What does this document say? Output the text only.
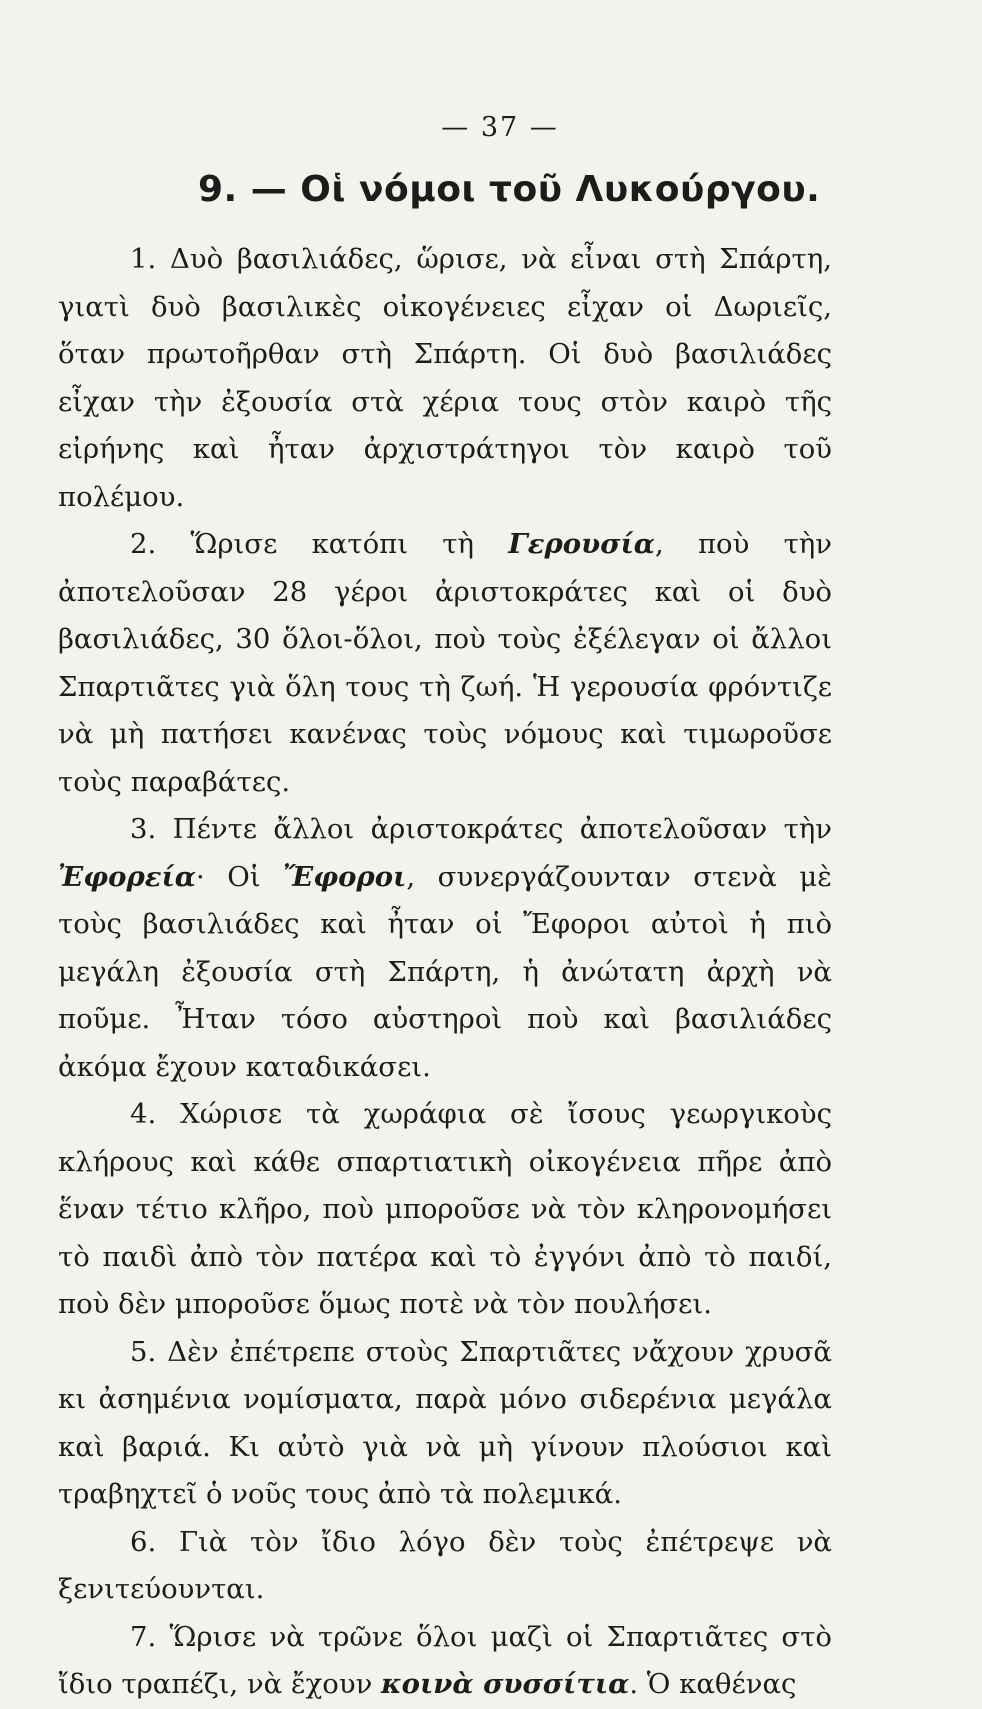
— 37 —
9. — Οἱ νόμοι τοῦ Λυκούργου.

1. Δυὸ βασιλιάδες, ὥρισε, νὰ εἶναι στὴ Σπάρτη, γιατὶ δυὸ βασιλικὲς οἰκογένειες εἶχαν οἱ Δωριεῖς, ὅταν πρωτοῆρθαν στὴ Σπάρτη. Οἱ δυὸ βασιλιάδες εἶχαν τὴν ἐξουσία στὰ χέρια τους στὸν καιρὸ τῆς εἰρήνης καὶ ἦταν ἀρχιστράτηγοι τὸν καιρὸ τοῦ πολέμου.

2. Ὥρισε κατόπι τὴ Γερουσία, ποὺ τὴν ἀποτελοῦσαν 28 γέροι ἀριστοκράτες καὶ οἱ δυὸ βασιλιάδες, 30 ὅλοι-ὅλοι, ποὺ τοὺς ἐξέλεγαν οἱ ἄλλοι Σπαρτιᾶτες γιὰ ὅλη τους τὴ ζωή. Ἡ γερουσία φρόντιζε νὰ μὴ πατήσει κανένας τοὺς νόμους καὶ τιμωροῦσε τοὺς παραβάτες.

3. Πέντε ἄλλοι ἀριστοκράτες ἀποτελοῦσαν τὴν Ἐφορεία· Οἱ Ἔφοροι, συνεργάζουνταν στενὰ μὲ τοὺς βασιλιάδες καὶ ἦταν οἱ Ἔφοροι αὐτοὶ ἡ πιὸ μεγάλη ἐξουσία στὴ Σπάρτη, ἡ ἀνώτατη ἀρχὴ νὰ ποῦμε. Ἦταν τόσο αὐστηροὶ ποὺ καὶ βασιλιάδες ἀκόμα ἔχουν καταδικάσει.

4. Χώρισε τὰ χωράφια σὲ ἴσους γεωργικοὺς κλήρους καὶ κάθε σπαρτιατικὴ οἰκογένεια πῆρε ἀπὸ ἕναν τέτιο κλῆρο, ποὺ μποροῦσε νὰ τὸν κληρονομήσει τὸ παιδὶ ἀπὸ τὸν πατέρα καὶ τὸ ἐγγόνι ἀπὸ τὸ παιδί, ποὺ δὲν μποροῦσε ὅμως ποτὲ νὰ τὸν πουλήσει.

5. Δὲν ἐπέτρεπε στοὺς Σπαρτιᾶτες νἄχουν χρυσᾶ κι ἀσημένια νομίσματα, παρὰ μόνο σιδερένια μεγάλα καὶ βαριά. Κι αὐτὸ γιὰ νὰ μὴ γίνουν πλούσιοι καὶ τραβηχτεῖ ὁ νοῦς τους ἀπὸ τὰ πολεμικά.

6. Γιὰ τὸν ἴδιο λόγο δὲν τοὺς ἐπέτρεψε νὰ ξενιτεύουνται.

7. Ὥρισε νὰ τρῶνε ὅλοι μαζὶ οἱ Σπαρτιᾶτες στὸ ἴδιο τραπέζι, νὰ ἔχουν κοινὰ συσσίτια. Ὁ καθένας
